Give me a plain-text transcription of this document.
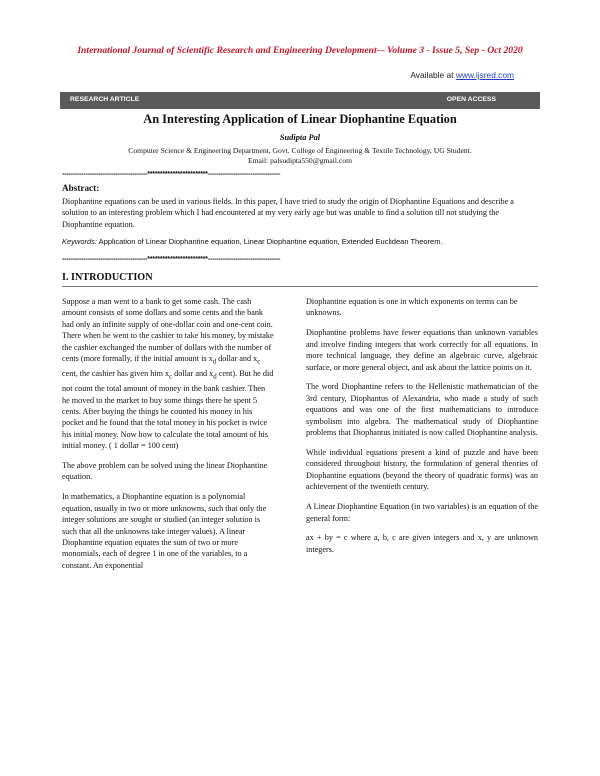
International Journal of Scientific Research and Engineering Development-– Volume 3 - Issue 5, Sep - Oct 2020
Available at www.ijsred.com
RESEARCH ARTICLE	OPEN ACCESS
An Interesting Application of Linear Diophantine Equation
Sudipta Pal
Computer Science & Engineering Department, Govt. College of Engineering & Textile Technology, UG Student.
Email: palsudipta550@gmail.com
----------------------------------------************************----------------------------------
Abstract:
Diophantine equations can be used in various fields. In this paper, I have tried to study the origin of Diophantine Equations and describe a solution to an interesting problem which I had encountered at my very early age but was unable to find a solution till not studying the Diophantine equation.
Keywords: Application of Linear Diophantine equation, Linear Diophantine equation, Extended Euclidean Theorem.
----------------------------------------************************----------------------------------
I. INTRODUCTION

Suppose a man went to a bank to get some cash. The cash amount consists of some dollars and some cents and the bank had only an infinite supply of one-dollar coin and one-cent coin. There when he went to the cashier to take his money, by mistake the cashier exchanged the number of dollars with the number of cents (more formally, if the initial amount is $x_d$ dollar and $x_c$ cent, the cashier has given him $x_c$ dollar and $x_d$ cent). But he did not count the total amount of money in the bank cashier. Then he moved to the market to buy some things there he spent 5 cents. After buying the things he counted his money in his pocket and he found that the total money in his pocket is twice his initial money. Now how to calculate the total amount of his initial money. ( 1 dollar = 100 cent)

The above problem can be solved using the linear Diophantine equation.

In mathematics, a Diophantine equation is a polynomial equation, usually in two or more unknowns, such that only the integer solutions are sought or studied (an integer solution is such that all the unknowns take integer values). A linear Diophantine equation equates the sum of two or more monomials, each of degree 1 in one of the variables, to a constant. An exponential

Diophantine equation is one in which exponents on terms can be unknowns.

Diophantine problems have fewer equations than unknown variables and involve finding integers that work correctly for all equations. In more technical language, they define an algebraic curve, algebraic surface, or more general object, and ask about the lattice points on it.

The word Diophantine refers to the Hellenistic mathematician of the 3rd century, Diophantus of Alexandria, who made a study of such equations and was one of the first mathematicians to introduce symbolism into algebra. The mathematical study of Diophantine problems that Diophantus initiated is now called Diophantine analysis.

While individual equations present a kind of puzzle and have been considered throughout history, the formulation of general theories of Diophantine equations (beyond the theory of quadratic forms) was an achievement of the twentieth century.

A Linear Diophantine Equation (in two variables) is an equation of the general form:

ax + by = c where a, b, c are given integers and x, y are unknown integers.
